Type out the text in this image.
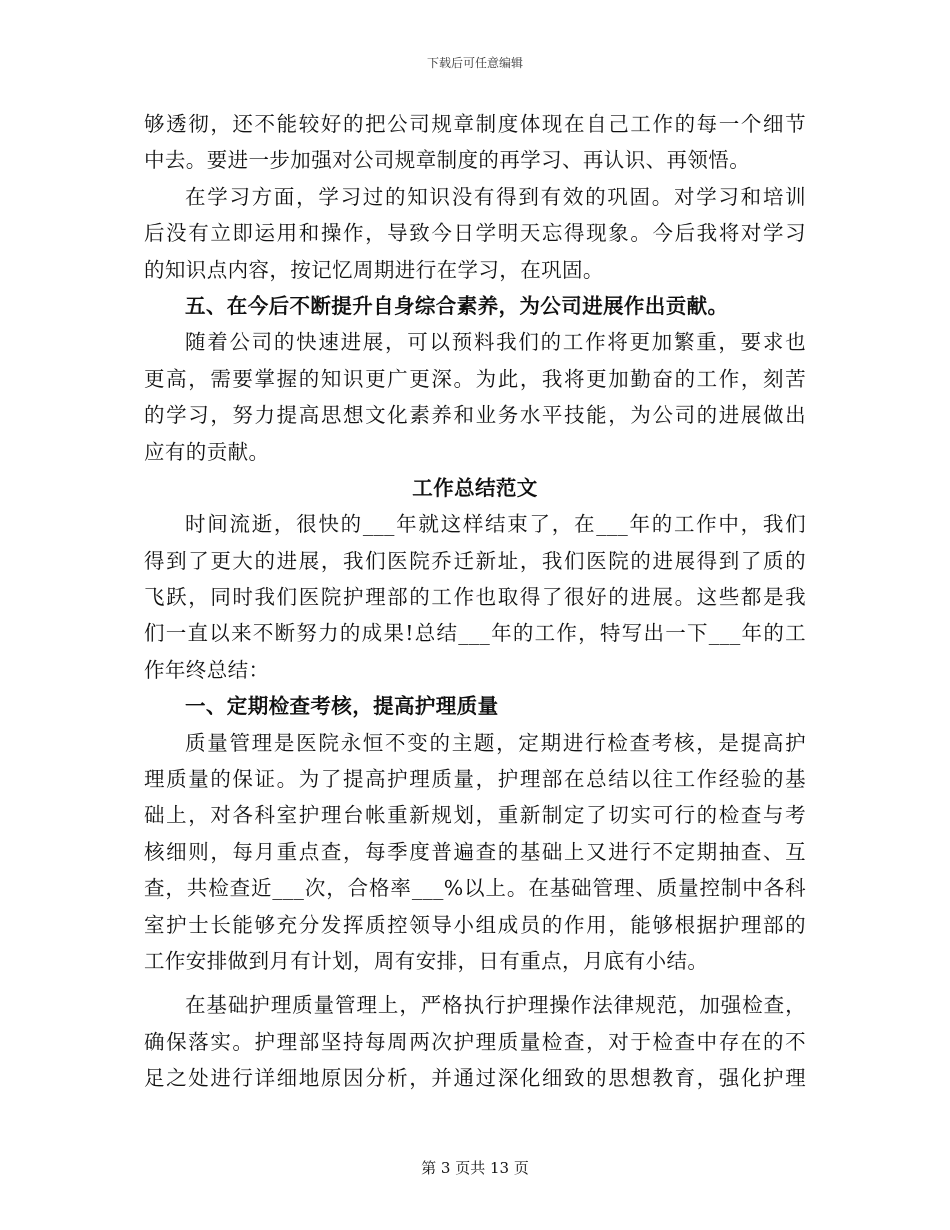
下载后可任意编辑
够透彻，还不能较好的把公司规章制度体现在自己工作的每一个细节
中去。要进一步加强对公司规章制度的再学习、再认识、再领悟。
在学习方面，学习过的知识没有得到有效的巩固。对学习和培训
后没有立即运用和操作，导致今日学明天忘得现象。今后我将对学习
的知识点内容，按记忆周期进行在学习，在巩固。
五、在今后不断提升自身综合素养，为公司进展作出贡献。
随着公司的快速进展，可以预料我们的工作将更加繁重，要求也
更高，需要掌握的知识更广更深。为此，我将更加勤奋的工作，刻苦
的学习，努力提高思想文化素养和业务水平技能，为公司的进展做出
应有的贡献。
工作总结范文
时间流逝，很快的___年就这样结束了，在___年的工作中，我们
得到了更大的进展，我们医院乔迁新址，我们医院的进展得到了质的
飞跃，同时我们医院护理部的工作也取得了很好的进展。这些都是我
们一直以来不断努力的成果!总结___年的工作，特写出一下___年的工
作年终总结：
一、定期检查考核，提高护理质量
质量管理是医院永恒不变的主题，定期进行检查考核，是提高护
理质量的保证。为了提高护理质量，护理部在总结以往工作经验的基
础上，对各科室护理台帐重新规划，重新制定了切实可行的检查与考
核细则，每月重点查，每季度普遍查的基础上又进行不定期抽查、互
查，共检查近___次，合格率___%以上。在基础管理、质量控制中各科
室护士长能够充分发挥质控领导小组成员的作用，能够根据护理部的
工作安排做到月有计划，周有安排，日有重点，月底有小结。
在基础护理质量管理上，严格执行护理操作法律规范，加强检查，
确保落实。护理部坚持每周两次护理质量检查，对于检查中存在的不
足之处进行详细地原因分析，并通过深化细致的思想教育，强化护理
第 3 页共 13 页
